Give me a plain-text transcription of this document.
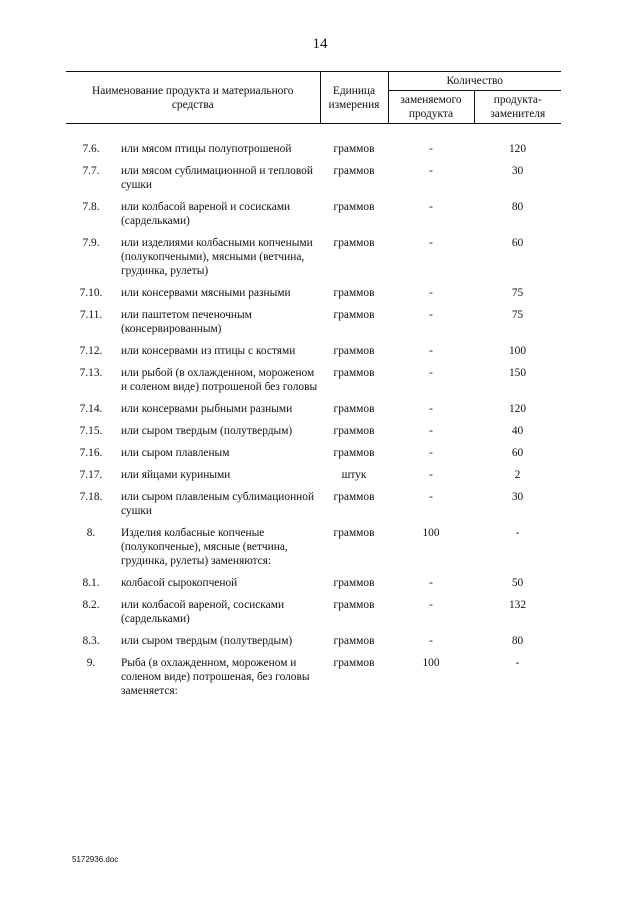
14
Наименование продукта и материального средства		Единица измерения	Количество	
			заменяемого продукта	продукта-заменителя
7.6.	или мясом птицы полупотрошеной	граммов	-	120
7.7.	или мясом сублимационной и тепловой сушки	граммов	-	30
7.8.	или колбасой вареной и сосисками (сардельками)	граммов	-	80
7.9.	или изделиями колбасными копчеными (полукопчеными), мясными (ветчина, грудинка, рулеты)	граммов	-	60
7.10.	или консервами мясными разными	граммов	-	75
7.11.	или паштетом печеночным (консервированным)	граммов	-	75
7.12.	или консервами из птицы с костями	граммов	-	100
7.13.	или рыбой (в охлажденном, мороженом и соленом виде) потрошеной без головы	граммов	-	150
7.14.	или консервами рыбными разными	граммов	-	120
7.15.	или сыром твердым (полутвердым)	граммов	-	40
7.16.	или сыром плавленым	граммов	-	60
7.17.	или яйцами куриными	штук	-	2
7.18.	или сыром плавленым сублимационной сушки	граммов	-	30
8.	Изделия колбасные копченые (полукопченые), мясные (ветчина, грудинка, рулеты) заменяются:	граммов	100	-
8.1.	колбасой сырокопченой	граммов	-	50
8.2.	или колбасой вареной, сосисками (сардельками)	граммов	-	132
8.3.	или сыром твердым (полутвердым)	граммов	-	80
9.	Рыба (в охлажденном, мороженом и соленом виде) потрошеная, без головы заменяется:	граммов	100	-
5172936.doc
